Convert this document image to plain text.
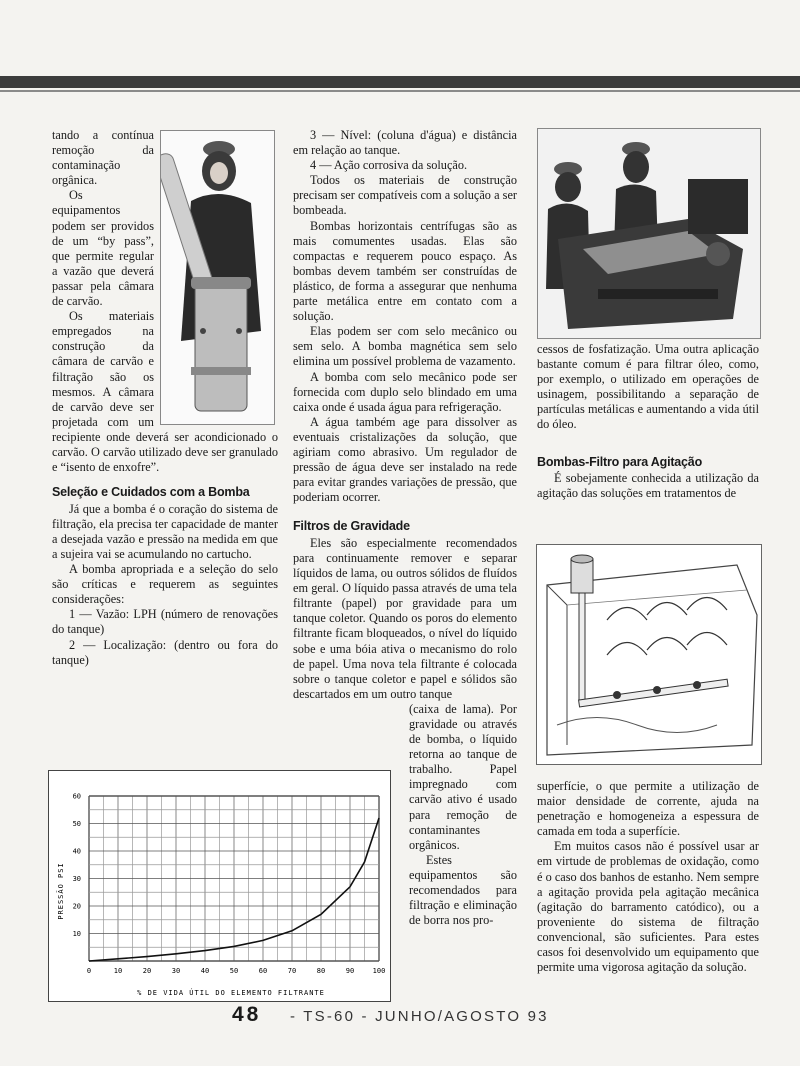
tando a contínua remoção da contaminação orgânica.

Os equipamentos podem ser providos de um “by pass”, que permite regular a vazão que deverá passar pela câmara de carvão.

Os materiais empregados na construção da câmara de carvão e filtração são os mesmos. A câmara de carvão deve ser projetada com um recipiente onde deverá ser acondicionado o carvão. O carvão utilizado deve ser granulado e “isento de enxofre”.

Seleção e Cuidados com a Bomba

Já que a bomba é o coração do sistema de filtração, ela precisa ter capacidade de manter a desejada vazão e pressão na medida em que a sujeira vai se acumulando no cartucho.

A bomba apropriada e a seleção do selo são críticas e requerem as seguintes considerações:

1 — Vazão: LPH (número de renovações do tanque)

2 — Localização: (dentro ou fora do tanque)

3 — Nível: (coluna d'água) e distância em relação ao tanque.

4 — Ação corrosiva da solução.

Todos os materiais de construção precisam ser compatíveis com a solução a ser bombeada.

Bombas horizontais centrífugas são as mais comumentes usadas. Elas são compactas e requerem pouco espaço. As bombas devem também ser construídas de plástico, de forma a assegurar que nenhuma parte metálica entre em contato com a solução.

Elas podem ser com selo mecânico ou sem selo. A bomba magnética sem selo elimina um possível problema de vazamento.

A bomba com selo mecânico pode ser fornecida com duplo selo blindado em uma caixa onde é usada água para refrigeração.

A água também age para dissolver as eventuais cristalizações da solução, que agiriam como abrasivo. Um regulador de pressão de água deve ser instalado na rede para evitar grandes variações de pressão, que poderiam ocorrer.

Filtros de Gravidade

Eles são especialmente recomendados para continuamente remover e separar líquidos de lama, ou outros sólidos de fluídos em geral. O líquido passa através de uma tela filtrante (papel) por gravidade para um tanque coletor. Quando os poros do elemento filtrante ficam bloqueados, o nível do líquido sobe e uma bóia ativa o mecanismo do rolo de papel. Uma nova tela filtrante é colocada sobre o tanque coletor e papel e sólidos são descartados em um outro tanque

(caixa de lama). Por gravidade ou através de bomba, o líquido retorna ao tanque de trabalho. Papel impregnado com carvão ativo é usado para remoção de contaminantes orgânicos.

Estes equipamentos são recomendados para filtração e eliminação de borra nos pro-

cessos de fosfatização. Uma outra aplicação bastante comum é para filtrar óleo, como, por exemplo, o utilizado em operações de usinagem, possibilitando a separação de partículas metálicas e aumentando a vida útil do óleo.

Bombas-Filtro para Agitação

É sobejamente conhecida a utilização da agitação das soluções em tratamentos de

superfície, o que permite a utilização de maior densidade de corrente, ajuda na penetração e homogeneiza a espessura de camada em toda a superfície.

Em muitos casos não é possível usar ar em virtude de problemas de oxidação, como é o caso dos banhos de estanho. Nem sempre a agitação provida pela agitação mecânica (agitação do barramento catódico), ou a proveniente do sistema de filtração convencional, são suficientes. Para estes casos foi desenvolvido um equipamento que permite uma vigorosa agitação da solução.

0	10	20	30	40	50	60	70	80	90	100
10
20
30
40
50
60
% DE VIDA ÚTIL DO ELEMENTO FILTRANTE
PRESSÃO PSI
48 - TS-60 - JUNHO/AGOSTO 93
